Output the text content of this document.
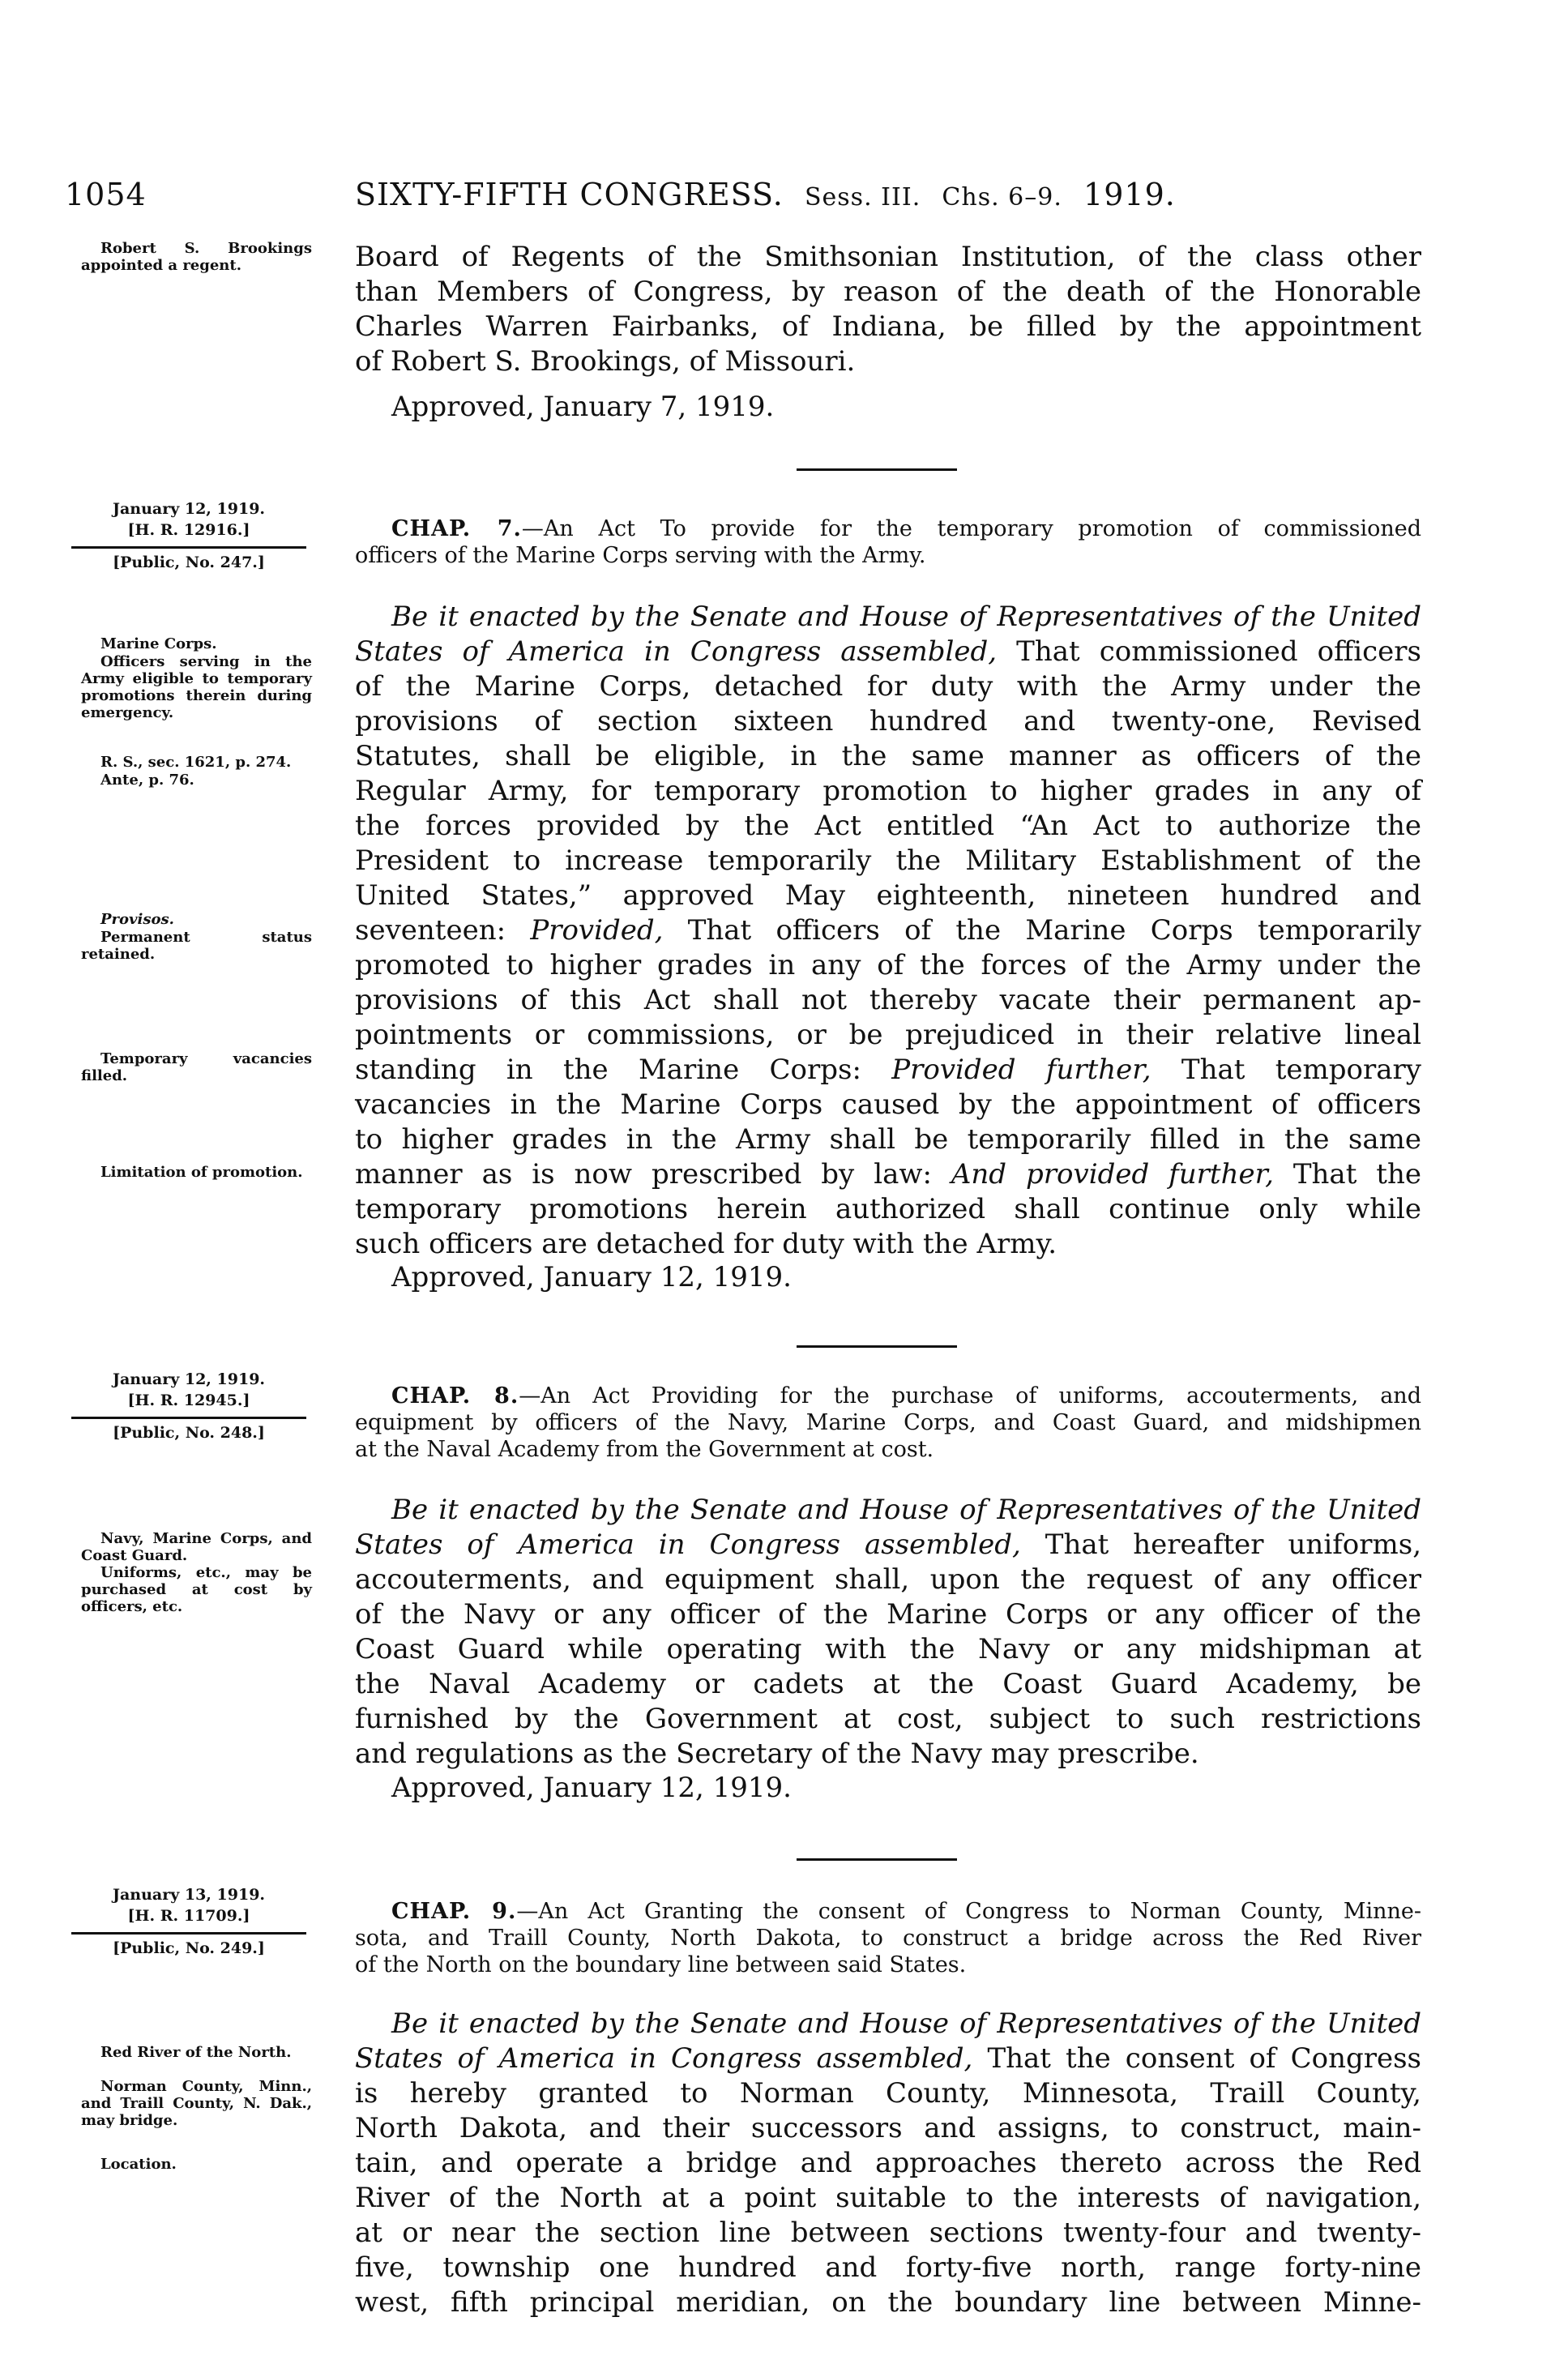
1054	SIXTY-FIFTH CONGRESS. Sess. III. Chs. 6–9. 1919.
Robert S. Brookings appointed a regent.	Board of Regents of the Smithsonian Institution, of the class other
than Members of Congress, by reason of the death of the Honorable
Charles Warren Fairbanks, of Indiana, be filled by the appointment
of Robert S. Brookings, of Missouri.
Approved, January 7, 1919.
January 12, 1919.
[H. R. 12916.]
[Public, No. 247.]
CHAP. 7.—An Act To provide for the temporary promotion of commissioned
officers of the Marine Corps serving with the Army.
Be it enacted by the Senate and House of Representatives of the United
States of America in Congress assembled, That commissioned officers
of the Marine Corps, detached for duty with the Army under the
provisions of section sixteen hundred and twenty-one, Revised
Statutes, shall be eligible, in the same manner as officers of the
Regular Army, for temporary promotion to higher grades in any of
the forces provided by the Act entitled “An Act to authorize the
President to increase temporarily the Military Establishment of the
United States,” approved May eighteenth, nineteen hundred and
seventeen: Provided, That officers of the Marine Corps temporarily
promoted to higher grades in any of the forces of the Army under the
provisions of this Act shall not thereby vacate their permanent ap-
pointments or commissions, or be prejudiced in their relative lineal
standing in the Marine Corps: Provided further, That temporary
vacancies in the Marine Corps caused by the appointment of officers
to higher grades in the Army shall be temporarily filled in the same
manner as is now prescribed by law: And provided further, That the
temporary promotions herein authorized shall continue only while
such officers are detached for duty with the Army.
Approved, January 12, 1919.
Marine Corps.
Officers serving in the Army eligible to temporary promotions therein during emergency.
R. S., sec. 1621, p. 274.
Ante, p. 76.
Provisos.
Permanent status retained.
Temporary vacancies filled.
Limitation of promotion.
January 12, 1919.
[H. R. 12945.]
[Public, No. 248.]
CHAP. 8.—An Act Providing for the purchase of uniforms, accouterments, and
equipment by officers of the Navy, Marine Corps, and Coast Guard, and midshipmen
at the Naval Academy from the Government at cost.
Be it enacted by the Senate and House of Representatives of the United
States of America in Congress assembled, That hereafter uniforms,
accouterments, and equipment shall, upon the request of any officer
of the Navy or any officer of the Marine Corps or any officer of the
Coast Guard while operating with the Navy or any midshipman at
the Naval Academy or cadets at the Coast Guard Academy, be
furnished by the Government at cost, subject to such restrictions
and regulations as the Secretary of the Navy may prescribe.
Approved, January 12, 1919.
Navy, Marine Corps, and Coast Guard.
Uniforms, etc., may be purchased at cost by officers, etc.
January 13, 1919.
[H. R. 11709.]
[Public, No. 249.]
CHAP. 9.—An Act Granting the consent of Congress to Norman County, Minne-
sota, and Traill County, North Dakota, to construct a bridge across the Red River
of the North on the boundary line between said States.
Be it enacted by the Senate and House of Representatives of the United
States of America in Congress assembled, That the consent of Congress
is hereby granted to Norman County, Minnesota, Traill County,
North Dakota, and their successors and assigns, to construct, main-
tain, and operate a bridge and approaches thereto across the Red
River of the North at a point suitable to the interests of navigation,
at or near the section line between sections twenty-four and twenty-
five, township one hundred and forty-five north, range forty-nine
west, fifth principal meridian, on the boundary line between Minne-
Red River of the North.
Norman County, Minn., and Traill County, N. Dak., may bridge.
Location.
